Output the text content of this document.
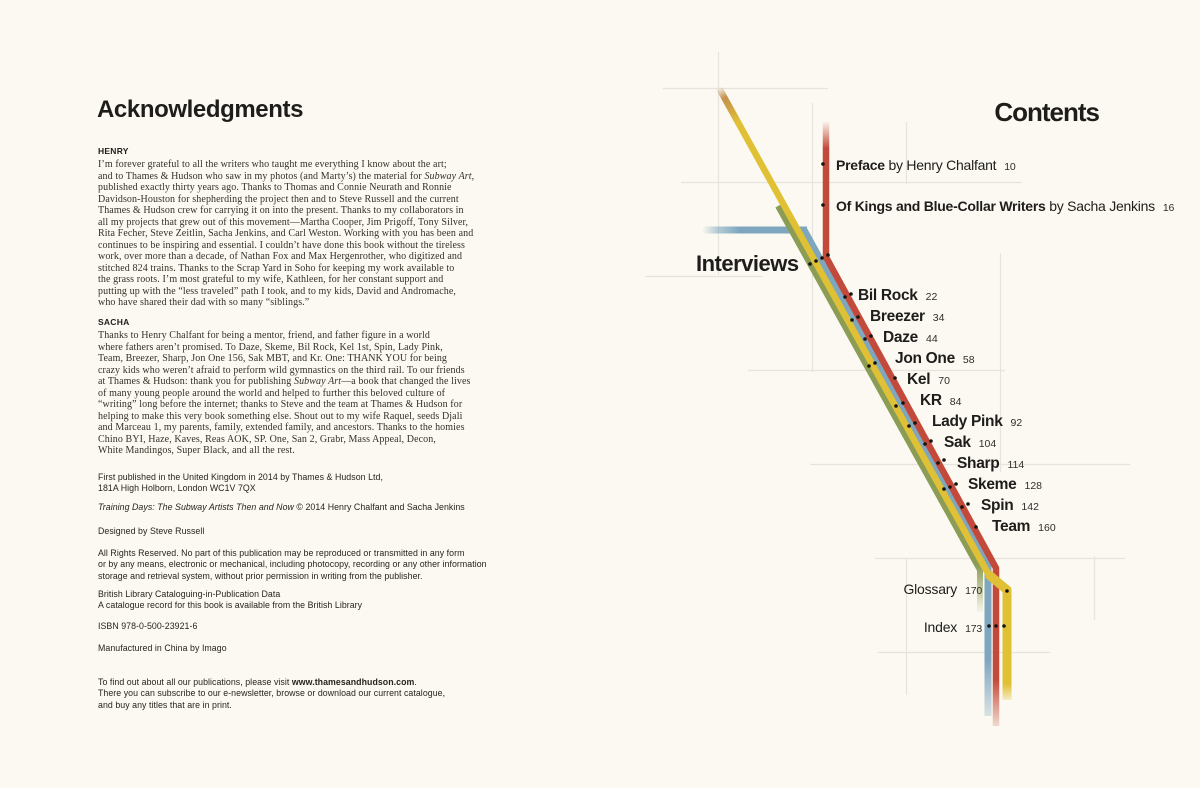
Acknowledgments
HENRY
I’m forever grateful to all the writers who taught me everything I know about the art;
and to Thames & Hudson who saw in my photos (and Marty’s) the material for Subway Art,
published exactly thirty years ago. Thanks to Thomas and Connie Neurath and Ronnie
Davidson-Houston for shepherding the project then and to Steve Russell and the current
Thames & Hudson crew for carrying it on into the present. Thanks to my collaborators in
all my projects that grew out of this movement—Martha Cooper, Jim Prigoff, Tony Silver,
Rita Fecher, Steve Zeitlin, Sacha Jenkins, and Carl Weston. Working with you has been and
continues to be inspiring and essential. I couldn’t have done this book without the tireless
work, over more than a decade, of Nathan Fox and Max Hergenrother, who digitized and
stitched 824 trains. Thanks to the Scrap Yard in Soho for keeping my work available to
the grass roots. I’m most grateful to my wife, Kathleen, for her constant support and
putting up with the “less traveled” path I took, and to my kids, David and Andromache,
who have shared their dad with so many “siblings.”
SACHA
Thanks to Henry Chalfant for being a mentor, friend, and father figure in a world
where fathers aren’t promised. To Daze, Skeme, Bil Rock, Kel 1st, Spin, Lady Pink,
Team, Breezer, Sharp, Jon One 156, Sak MBT, and Kr. One: THANK YOU for being
crazy kids who weren’t afraid to perform wild gymnastics on the third rail. To our friends
at Thames & Hudson: thank you for publishing Subway Art—a book that changed the lives
of many young people around the world and helped to further this beloved culture of
“writing” long before the internet; thanks to Steve and the team at Thames & Hudson for
helping to make this very book something else. Shout out to my wife Raquel, seeds Djali
and Marceau 1, my parents, family, extended family, and ancestors. Thanks to the homies
Chino BYI, Haze, Kaves, Reas AOK, SP. One, San 2, Grabr, Mass Appeal, Decon,
White Mandingos, Super Black, and all the rest.
First published in the United Kingdom in 2014 by Thames & Hudson Ltd,
181A High Holborn, London WC1V 7QX
Training Days: The Subway Artists Then and Now © 2014 Henry Chalfant and Sacha Jenkins
Designed by Steve Russell
All Rights Reserved. No part of this publication may be reproduced or transmitted in any form
or by any means, electronic or mechanical, including photocopy, recording or any other information
storage and retrieval system, without prior permission in writing from the publisher.
British Library Cataloguing-in-Publication Data
A catalogue record for this book is available from the British Library
ISBN 978-0-500-23921-6
Manufactured in China by Imago
To find out about all our publications, please visit www.thamesandhudson.com.
There you can subscribe to our e-newsletter, browse or download our current catalogue,
and buy any titles that are in print.
Contents
Preface by Henry Chalfant 10
Of Kings and Blue-Collar Writers by Sacha Jenkins 16
Interviews
Bil Rock 22
Breezer 34
Daze 44
Jon One 58
Kel 70
KR 84
Lady Pink 92
Sak 104
Sharp 114
Skeme 128
Spin 142
Team 160
Glossary 170
Index 173
